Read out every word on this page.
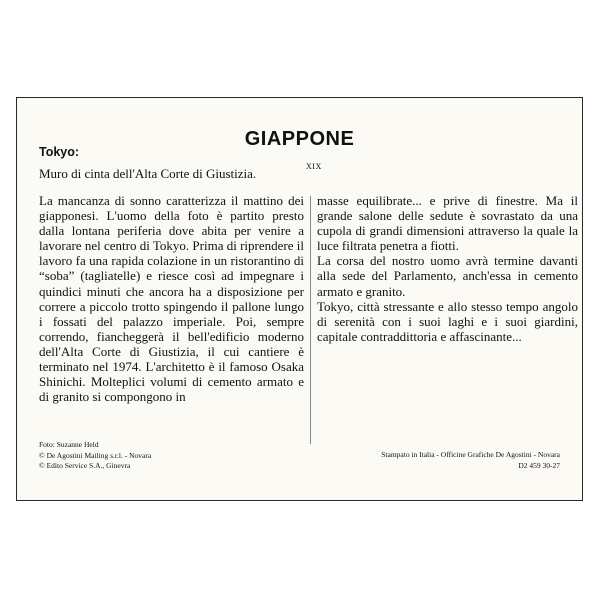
GIAPPONE
Tokyo:
Muro di cinta dell'Alta Corte di Giustizia.	XIX

La mancanza di sonno caratterizza il mattino dei giapponesi. L'uomo della foto è partito presto dalla lontana periferia dove abita per venire a lavorare nel centro di Tokyo. Prima di riprendere il lavoro fa una rapida colazione in un ristorantino di “soba” (tagliatelle) e riesce così ad impegnare i quindici minuti che ancora ha a disposizione per correre a piccolo trotto spingendo il pallone lungo i fossati del palazzo imperiale. Poi, sempre correndo, fiancheggerà il bell'edificio moderno dell'Alta Corte di Giustizia, il cui cantiere è terminato nel 1974. L'architetto è il famoso Osaka Shinichi. Molteplici volumi di cemento armato e di granito si compongono in

masse equilibrate... e prive di finestre. Ma il grande salone delle sedute è sovrastato da una cupola di grandi dimensioni attraverso la quale la luce filtrata penetra a fiotti.

La corsa del nostro uomo avrà termine davanti alla sede del Parlamento, anch'essa in cemento armato e granito.

Tokyo, città stressante e allo stesso tempo angolo di serenità con i suoi laghi e i suoi giardini, capitale contraddittoria e affascinante...

Foto: Suzanne Held
© De Agostini Mailing s.r.l. - Novara
© Edito Service S.A., Ginevra
Stampato in Italia - Officine Grafiche De Agostini - Novara
D2 459 30-27
